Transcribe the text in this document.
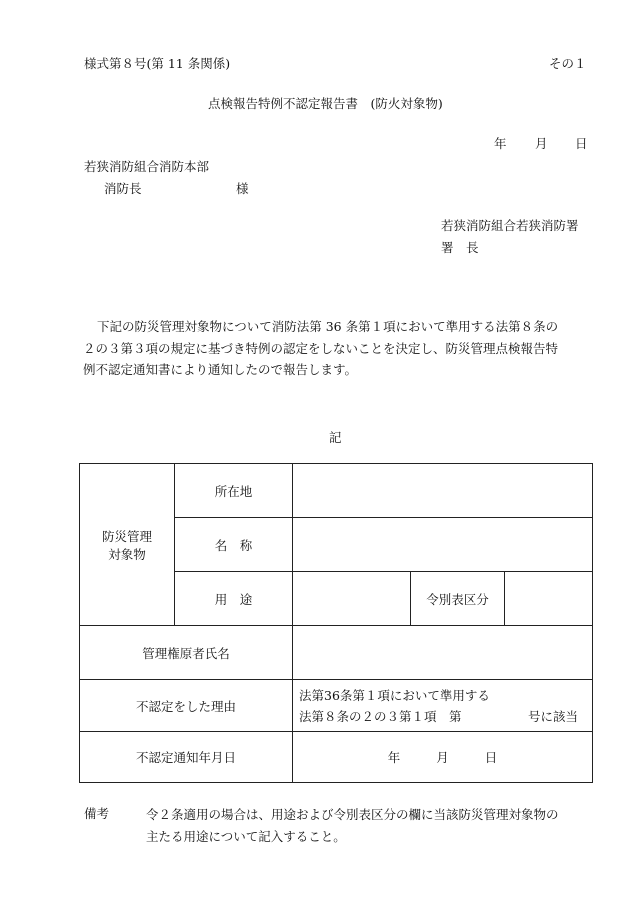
様式第８号(第 11 条関係)	その１
点検報告特例不認定報告書　(防火対象物)
年 月 日
若狭消防組合消防本部
消防長	様
若狭消防組合若狭消防署
署　長
下記の防災管理対象物について消防法第 36 条第１項において準用する法第８条の
２の３第３項の規定に基づき特例の認定をしないことを決定し、防災管理点検報告特
例不認定通知書により通知したので報告します。
記
防災管理
対象物	所在地			
	名　称			
	用　途		令別表区分	
管理権原者氏名				
不認定をした理由		法第36条第１項において準用する
法第８条の２の３第１項　第 号に該当		

不認定通知年月日		年 月 日		
備考	令２条適用の場合は、用途および令別表区分の欄に当該防災管理対象物の
主たる用途について記入すること。
